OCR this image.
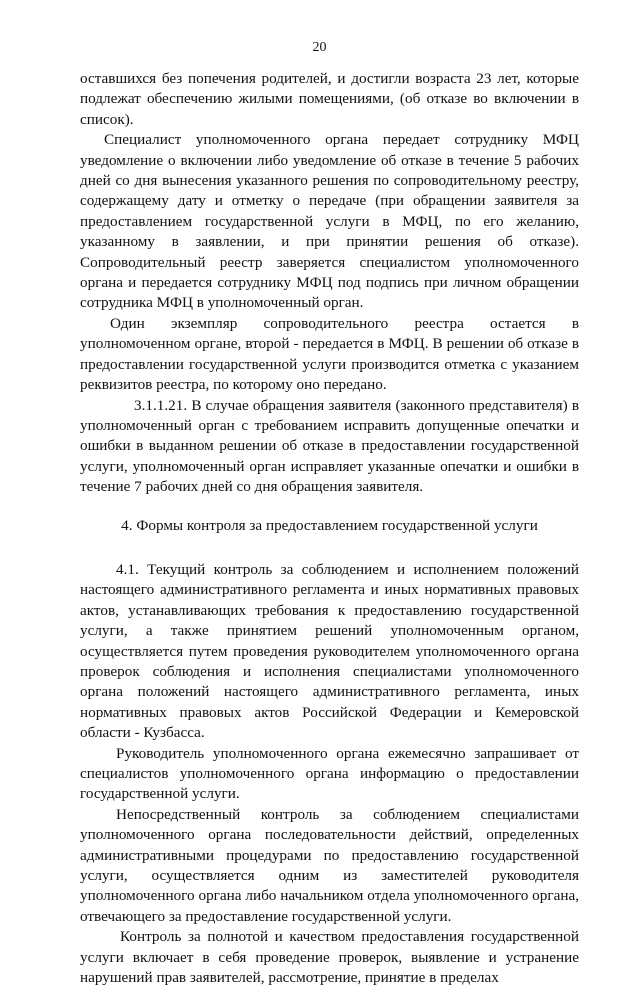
20

оставшихся без попечения родителей, и достигли возраста 23 лет, которые подлежат обеспечению жилыми помещениями, (об отказе во включении в список).

Специалист уполномоченного органа передает сотруднику МФЦ уведомление о включении либо уведомление об отказе в течение 5 рабочих дней со дня вынесения указанного решения по сопроводительному реестру, содержащему дату и отметку о передаче (при обращении заявителя за предоставлением государственной услуги в МФЦ, по его желанию, указанному в заявлении, и при принятии решения об отказе). Сопроводительный реестр заверяется специалистом уполномоченного органа и передается сотруднику МФЦ под подпись при личном обращении сотрудника МФЦ в уполномоченный орган.

Один экземпляр сопроводительного реестра остается в уполномоченном органе, второй - передается в МФЦ. В решении об отказе в предоставлении государственной услуги производится отметка с указанием реквизитов реестра, по которому оно передано.

3.1.1.21. В случае обращения заявителя (законного представителя) в уполномоченный орган с требованием исправить допущенные опечатки и ошибки в выданном решении об отказе в предоставлении государственной услуги, уполномоченный орган исправляет указанные опечатки и ошибки в течение 7 рабочих дней со дня обращения заявителя.

4. Формы контроля за предоставлением государственной услуги

4.1. Текущий контроль за соблюдением и исполнением положений настоящего административного регламента и иных нормативных правовых актов, устанавливающих требования к предоставлению государственной услуги, а также принятием решений уполномоченным органом, осуществляется путем проведения руководителем уполномоченного органа проверок соблюдения и исполнения специалистами уполномоченного органа положений настоящего административного регламента, иных нормативных правовых актов Российской Федерации и Кемеровской области - Кузбасса.

Руководитель уполномоченного органа ежемесячно запрашивает от специалистов уполномоченного органа информацию о предоставлении государственной услуги.

Непосредственный контроль за соблюдением специалистами уполномоченного органа последовательности действий, определенных административными процедурами по предоставлению государственной услуги, осуществляется одним из заместителей руководителя уполномоченного органа либо начальником отдела уполномоченного органа, отвечающего за предоставление государственной услуги.

Контроль за полнотой и качеством предоставления государственной услуги включает в себя проведение проверок, выявление и устранение нарушений прав заявителей, рассмотрение, принятие в пределах
